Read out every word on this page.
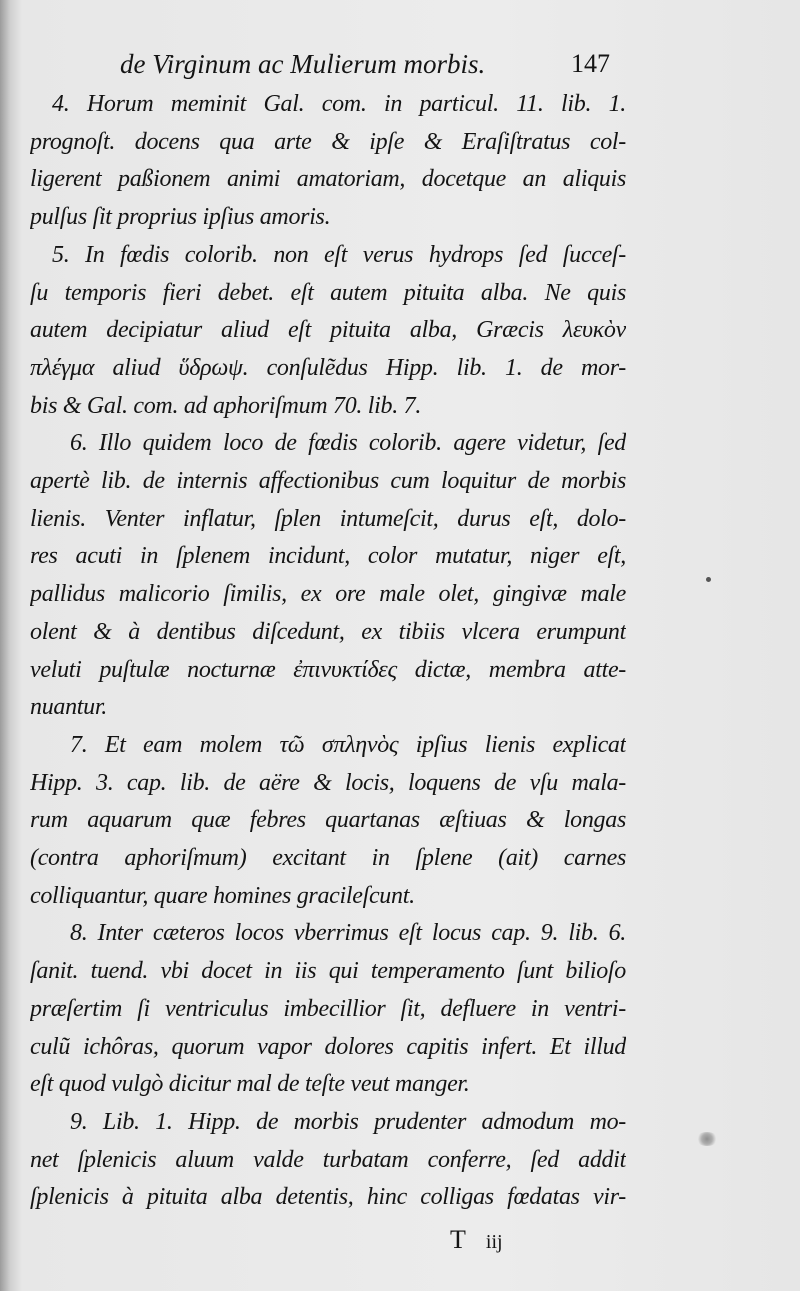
de Virginum ac Mulierum morbis.	147
4. Horum meminit Gal. com. in particul. 11. lib. 1.
prognoſt. docens qua arte & ipſe & Eraſiſtratus col-
ligerent paßionem animi amatoriam, docetque an aliquis
pulſus ſit proprius ipſius amoris.
5. In fœdis colorib. non eſt verus hydrops ſed ſucceſ-
ſu temporis fieri debet. eſt autem pituita alba. Ne quis
autem decipiatur aliud eſt pituita alba, Græcis λευκὸν
πλέγμα aliud ὕδρωψ. conſulẽdus Hipp. lib. 1. de mor-
bis & Gal. com. ad aphoriſmum 70. lib. 7.
6. Illo quidem loco de fœdis colorib. agere videtur, ſed
apertè lib. de internis affectionibus cum loquitur de morbis
lienis. Venter inflatur, ſplen intumeſcit, durus eſt, dolo-
res acuti in ſplenem incidunt, color mutatur, niger eſt,
pallidus malicorio ſimilis, ex ore male olet, gingivæ male
olent & à dentibus diſcedunt, ex tibiis vlcera erumpunt
veluti puſtulæ nocturnæ ἐπινυκτίδες dictæ, membra atte-
nuantur.
7. Et eam molem τῶ σπληνὸς ipſius lienis explicat
Hipp. 3. cap. lib. de aëre & locis, loquens de vſu mala-
rum aquarum quæ febres quartanas æſtiuas & longas
(contra aphoriſmum) excitant in ſplene (ait) carnes
colliquantur, quare homines gracileſcunt.
8. Inter cæteros locos vberrimus eſt locus cap. 9. lib. 6.
ſanit. tuend. vbi docet in iis qui temperamento ſunt bilioſo
præſertim ſi ventriculus imbecillior ſit, defluere in ventri-
culũ ichôras, quorum vapor dolores capitis infert. Et illud
eſt quod vulgò dicitur mal de teſte veut manger.
9. Lib. 1. Hipp. de morbis prudenter admodum mo-
net ſplenicis aluum valde turbatam conferre, ſed addit
ſplenicis à pituita alba detentis, hinc colligas fœdatas vir-
T iij
